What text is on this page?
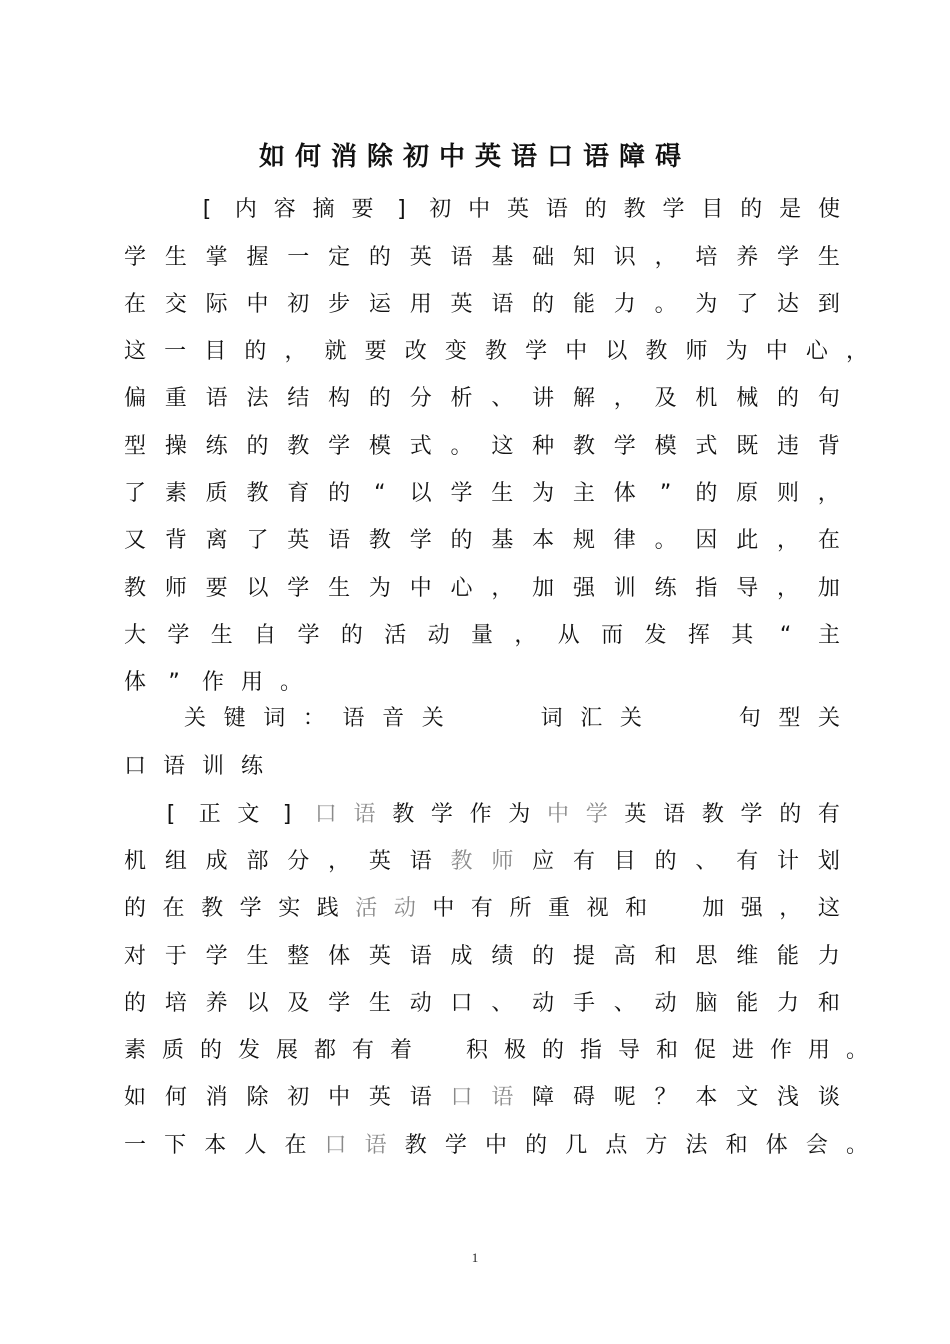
如何消除初中英语口语障碍
[	内 容 摘 要	]	初 中 英 语 的 教 学 目 的 是 使
学 生 掌 握 一 定 的 英 语 基 础 知 识 ， 培 养 学 生
在 交 际 中 初 步 运 用 英 语 的 能 力 。 为 了 达 到
这 一 目 的 ， 就 要 改 变 教 学 中 以 教 师 为 中 心 ，
偏 重 语 法 结 构 的 分 析 、 讲 解 ， 及 机 械 的 句
型 操 练 的 教 学 模 式 。 这 种 教 学 模 式 既 违 背
了 素 质 教 育 的 “ 以 学 生 为 主 体 ” 的 原 则 ，
又 背 离 了 英 语 教 学 的 基 本 规 律 。 因 此 ， 在
教 师 要 以 学 生 为 中 心 ， 加 强 训 练 指 导 ， 加
大 学 生 自 学 的 活 动 量 ， 从 而 发 挥 其 “ 主
体 ” 作 用 。
关 键 词 ： 语 音 关

	词 汇 关

	句 型 关
口 语 训 练
[	正 文	]	口 语 教 学 作 为 中 学 英 语 教 学 的 有
机 组 成 部 分 ， 英 语 教 师 应 有 目 的 、 有 计 划
的 在 教 学 实 践 活 动 中 有 所 重 视 和
	加 强 ， 这
对 于 学 生 整 体 英 语 成 绩 的 提 高 和 思 维 能 力
的 培 养 以 及 学 生 动 口 、 动 手 、 动 脑 能 力 和
素 质 的 发 展 都 有 着
积 极 的 指 导 和 促 进 作 用 。
如 何 消 除 初 中 英 语 口 语 障 碍 呢 ？ 本 文 浅 谈
一 下 本 人 在 口 语 教 学 中 的 几 点 方 法 和 体 会 。
1
